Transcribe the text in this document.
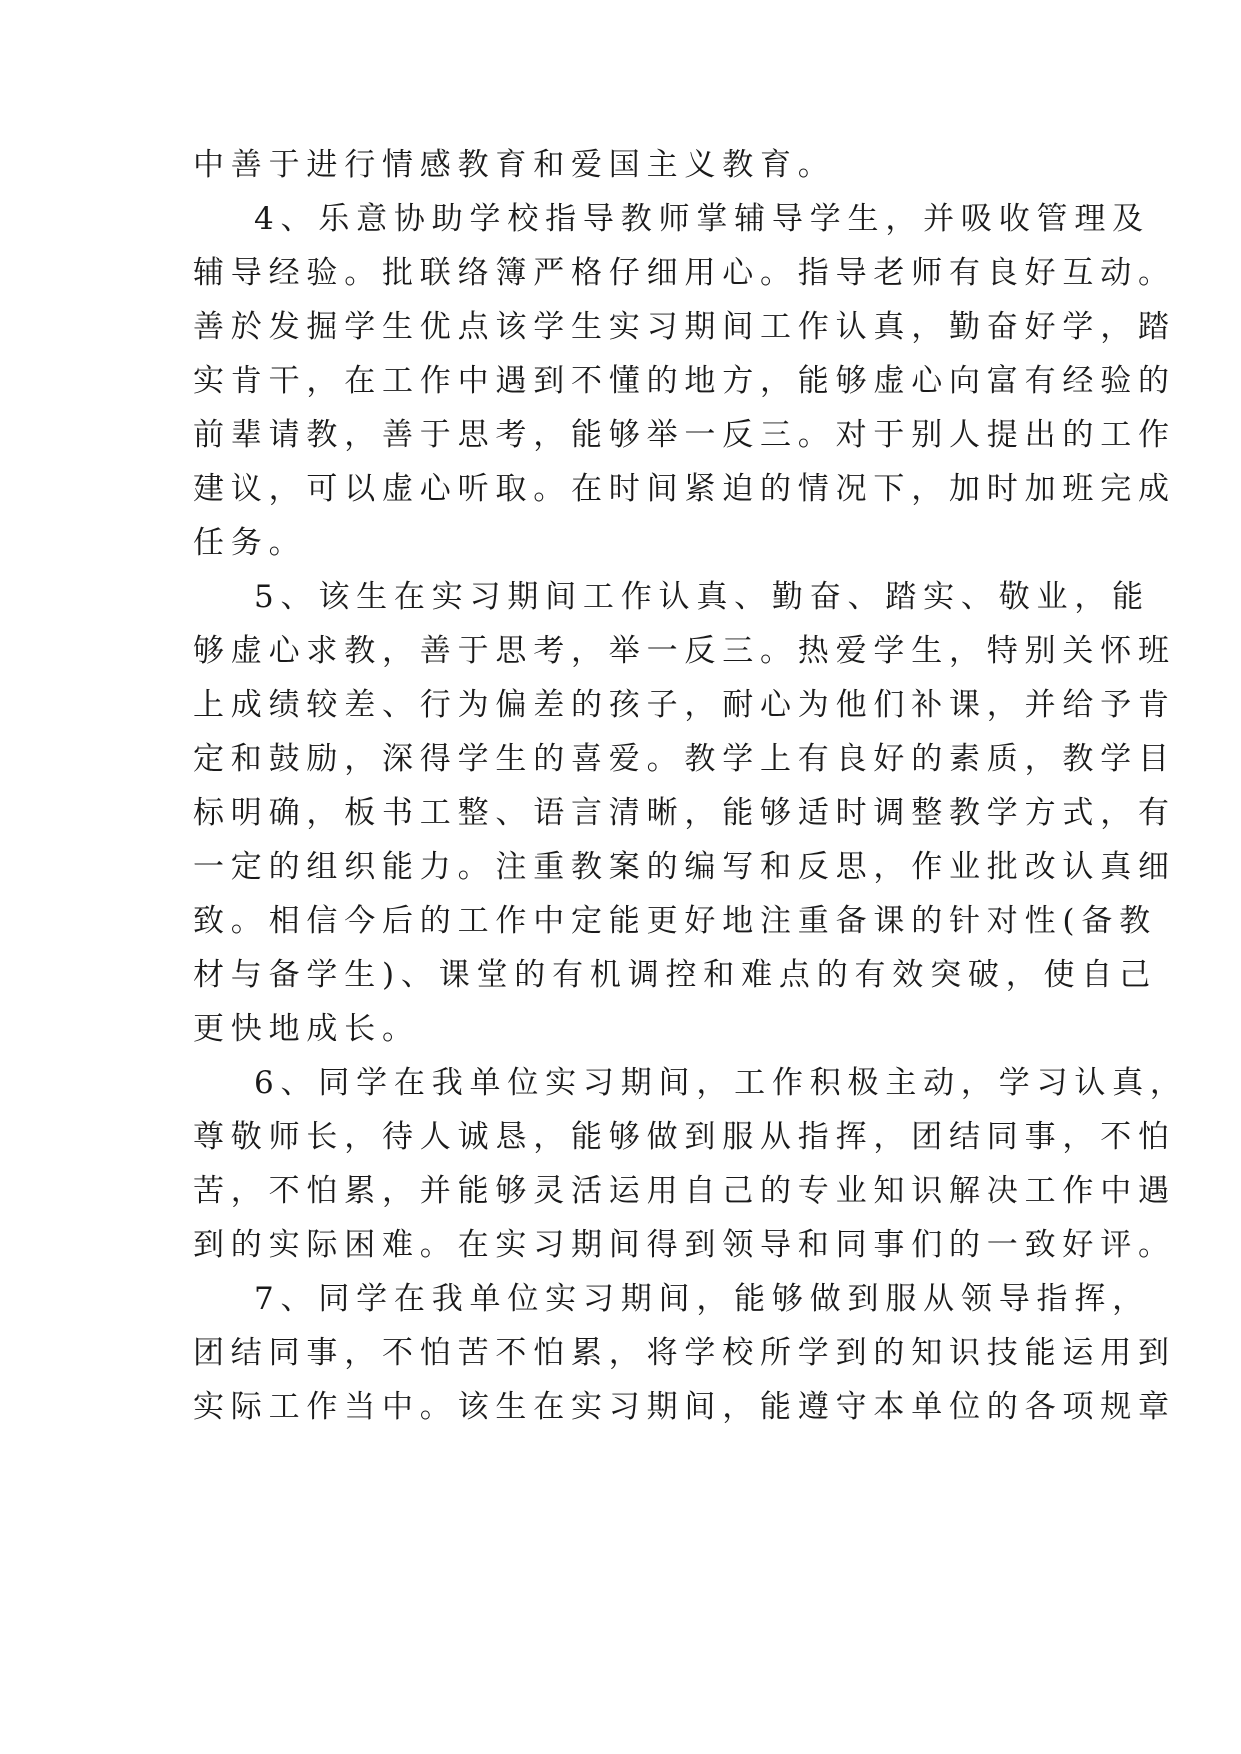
中善于进行情感教育和爱国主义教育。
4、乐意协助学校指导教师掌辅导学生，并吸收管理及
辅导经验。批联络簿严格仔细用心。指导老师有良好互动。
善於发掘学生优点该学生实习期间工作认真，勤奋好学，踏
实肯干，在工作中遇到不懂的地方，能够虚心向富有经验的
前辈请教，善于思考，能够举一反三。对于别人提出的工作
建议，可以虚心听取。在时间紧迫的情况下，加时加班完成
任务。
5、该生在实习期间工作认真、勤奋、踏实、敬业，能
够虚心求教，善于思考，举一反三。热爱学生，特别关怀班
上成绩较差、行为偏差的孩子，耐心为他们补课，并给予肯
定和鼓励，深得学生的喜爱。教学上有良好的素质，教学目
标明确，板书工整、语言清晰，能够适时调整教学方式，有
一定的组织能力。注重教案的编写和反思，作业批改认真细
致。相信今后的工作中定能更好地注重备课的针对性(备教
材与备学生)、课堂的有机调控和难点的有效突破，使自己
更快地成长。
6、同学在我单位实习期间，工作积极主动，学习认真，
尊敬师长，待人诚恳，能够做到服从指挥，团结同事，不怕
苦，不怕累，并能够灵活运用自己的专业知识解决工作中遇
到的实际困难。在实习期间得到领导和同事们的一致好评。
7、同学在我单位实习期间，能够做到服从领导指挥，
团结同事，不怕苦不怕累，将学校所学到的知识技能运用到
实际工作当中。该生在实习期间，能遵守本单位的各项规章
